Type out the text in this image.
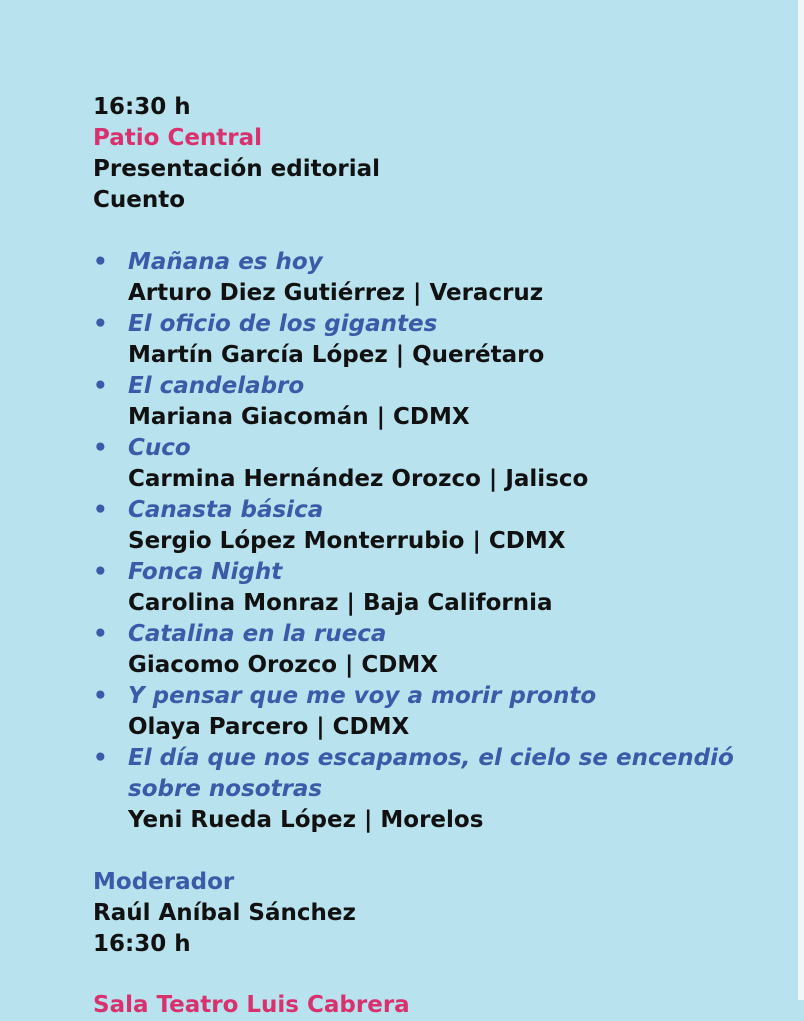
16:30 h
Patio Central
Presentación editorial
Cuento
• Mañana es hoy
Arturo Diez Gutiérrez | Veracruz
• El oficio de los gigantes
Martín García López | Querétaro
• El candelabro
Mariana Giacomán | CDMX
• Cuco
Carmina Hernández Orozco | Jalisco
• Canasta básica
Sergio López Monterrubio | CDMX
• Fonca Night
Carolina Monraz | Baja California
• Catalina en la rueca
Giacomo Orozco | CDMX
• Y pensar que me voy a morir pronto
Olaya Parcero | CDMX
• El día que nos escapamos, el cielo se encendió sobre nosotras
Yeni Rueda López | Morelos
Moderador
Raúl Aníbal Sánchez
16:30 h
Sala Teatro Luis Cabrera
